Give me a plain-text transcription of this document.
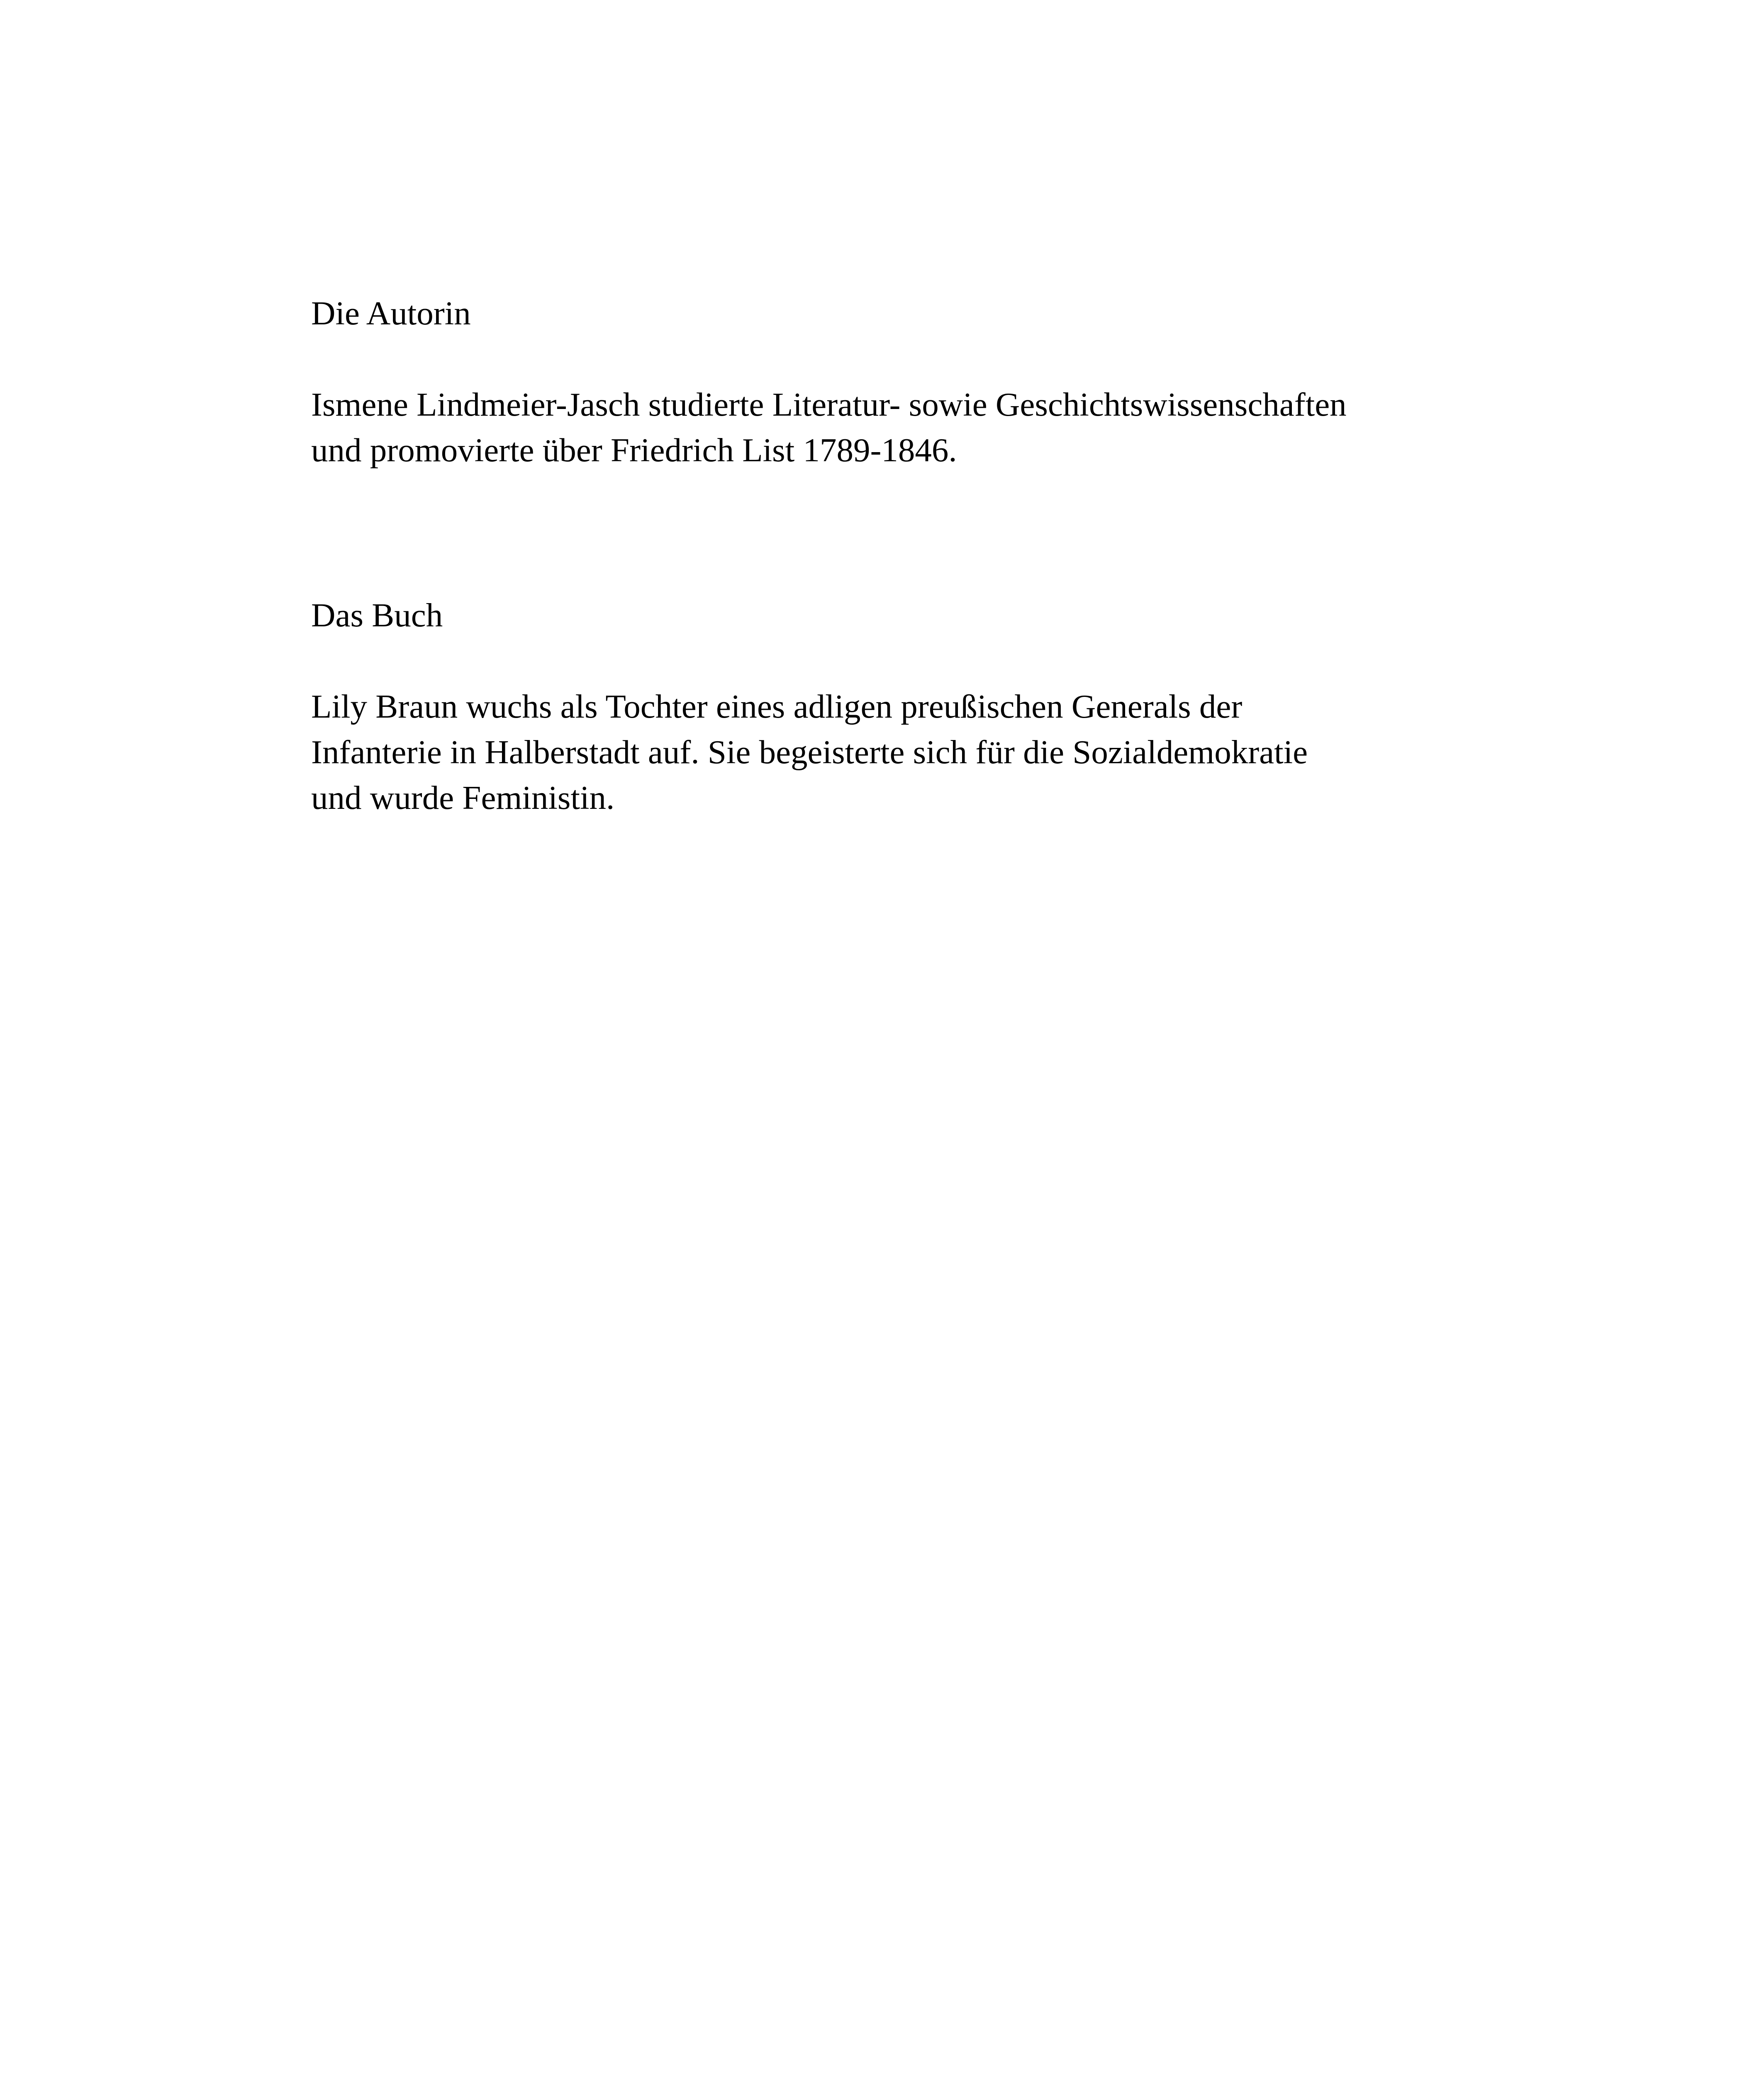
Die Autorin

Ismene Lindmeier-Jasch studierte Literatur- sowie Geschichtswissenschaften
und promovierte über Friedrich List 1789-1846.

Das Buch

Lily Braun wuchs als Tochter eines adligen preußischen Generals der
Infanterie in Halberstadt auf. Sie begeisterte sich für die Sozialdemokratie
und wurde Feministin.
